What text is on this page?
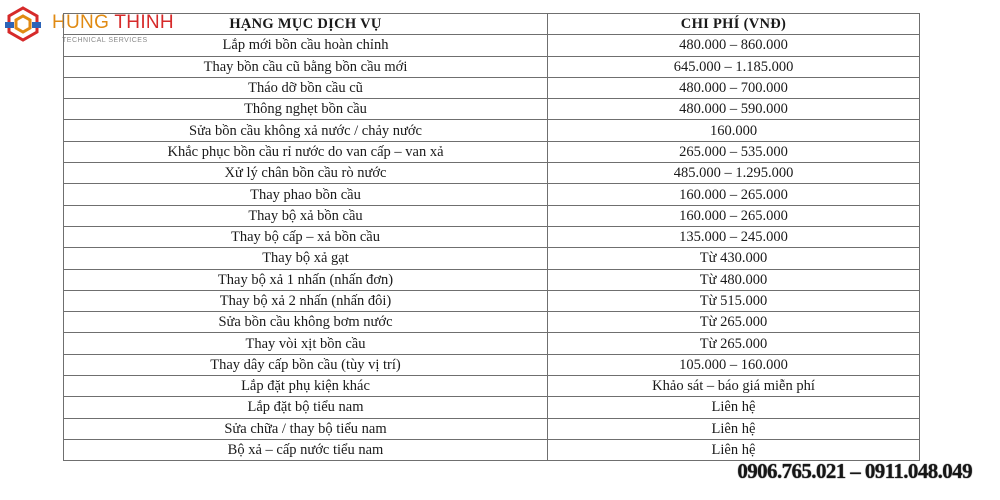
HUNG THINH
TECHNICAL SERVICES
HẠNG MỤC DỊCH VỤ	CHI PHÍ (VNĐ)
Lắp mới bồn cầu hoàn chỉnh	480.000 – 860.000
Thay bồn cầu cũ bằng bồn cầu mới	645.000 – 1.185.000
Tháo dỡ bồn cầu cũ	480.000 – 700.000
Thông nghẹt bồn cầu	480.000 – 590.000
Sửa bồn cầu không xả nước / chảy nước	160.000
Khắc phục bồn cầu rỉ nước do van cấp – van xả	265.000 – 535.000
Xử lý chân bồn cầu rò nước	485.000 – 1.295.000
Thay phao bồn cầu	160.000 – 265.000
Thay bộ xả bồn cầu	160.000 – 265.000
Thay bộ cấp – xả bồn cầu	135.000 – 245.000
Thay bộ xả gạt	Từ 430.000
Thay bộ xả 1 nhấn (nhấn đơn)	Từ 480.000
Thay bộ xả 2 nhấn (nhấn đôi)	Từ 515.000
Sửa bồn cầu không bơm nước	Từ 265.000
Thay vòi xịt bồn cầu	Từ 265.000
Thay dây cấp bồn cầu (tùy vị trí)	105.000 – 160.000
Lắp đặt phụ kiện khác	Khảo sát – báo giá miễn phí
Lắp đặt bộ tiểu nam	Liên hệ
Sửa chữa / thay bộ tiểu nam	Liên hệ
Bộ xả – cấp nước tiểu nam	Liên hệ
0906.765.021 – 0911.048.049
